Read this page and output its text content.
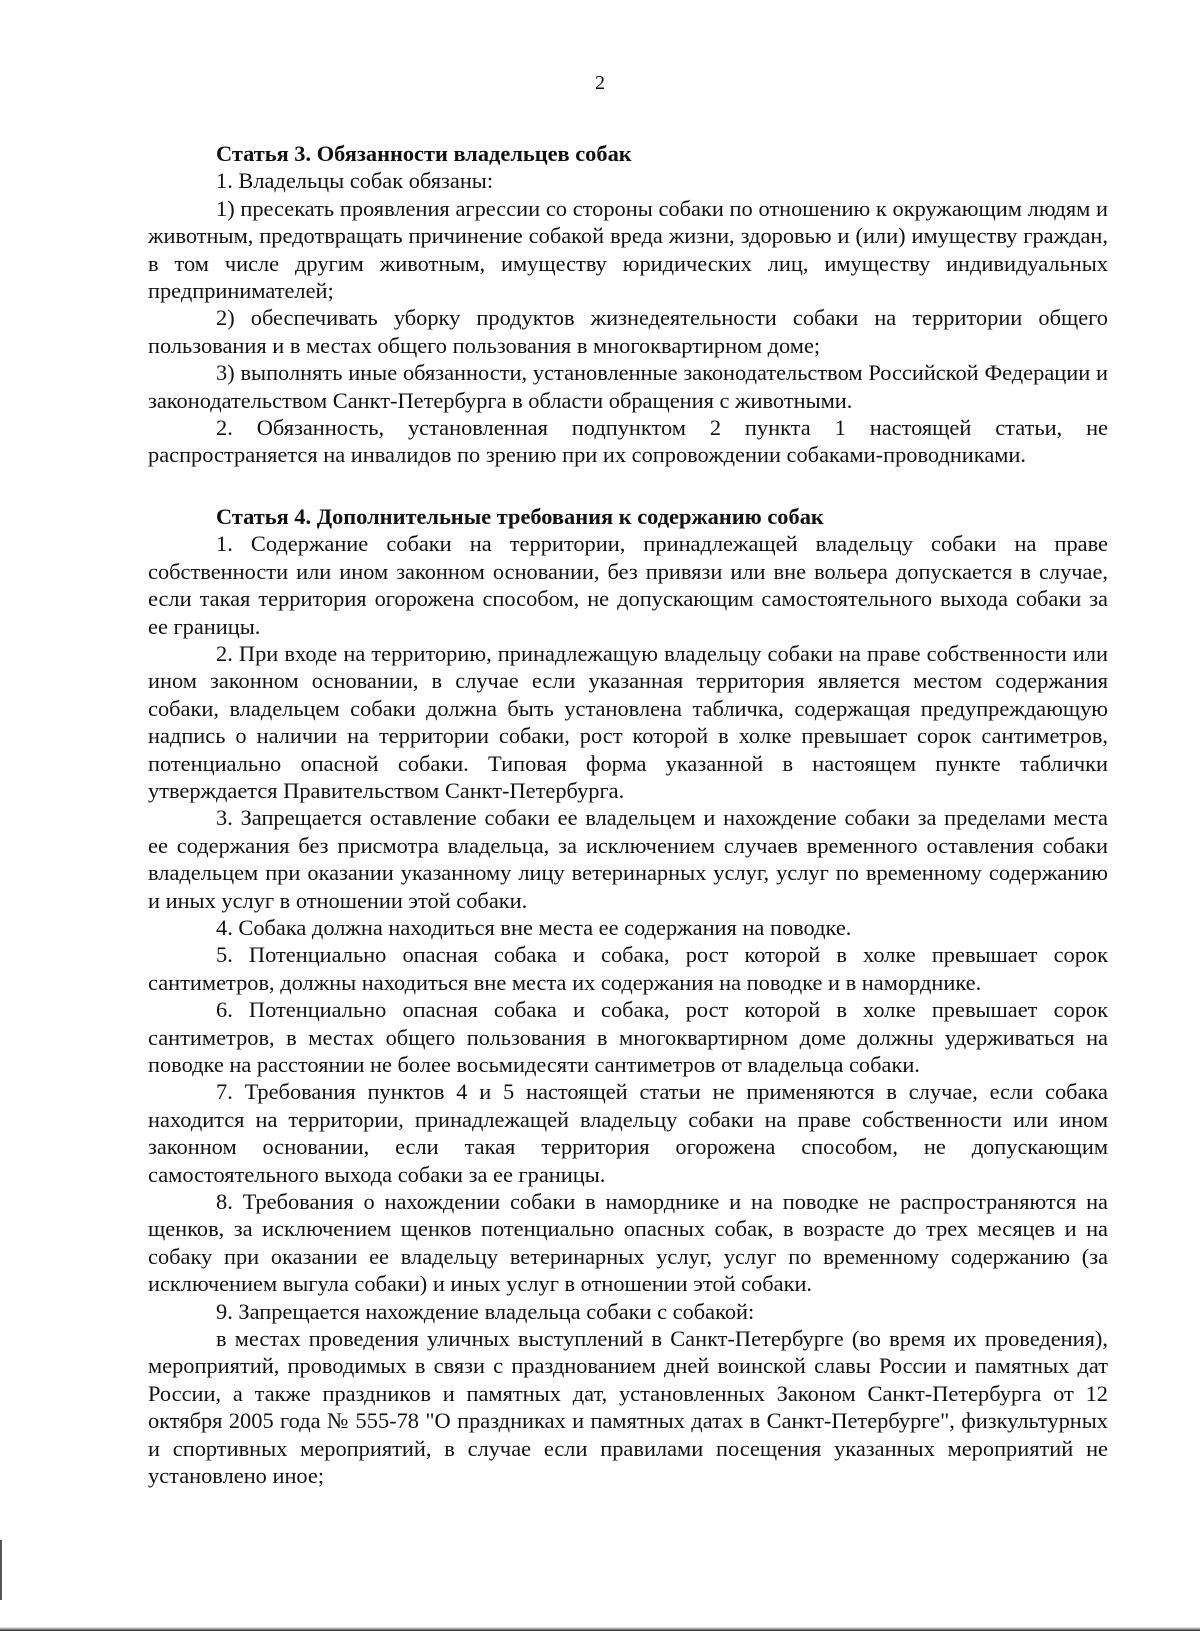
2
Статья 3. Обязанности владельцев собак

1. Владельцы собак обязаны:

1) пресекать проявления агрессии со стороны собаки по отношению к окружающим людям и животным, предотвращать причинение собакой вреда жизни, здоровью и (или) имуществу граждан, в том числе другим животным, имуществу юридических лиц, имуществу индивидуальных предпринимателей;

2) обеспечивать уборку продуктов жизнедеятельности собаки на территории общего пользования и в местах общего пользования в многоквартирном доме;

3) выполнять иные обязанности, установленные законодательством Российской Федерации и законодательством Санкт-Петербурга в области обращения с животными.

2. Обязанность, установленная подпунктом 2 пункта 1 настоящей статьи, не распространяется на инвалидов по зрению при их сопровождении собаками-проводниками.

Статья 4. Дополнительные требования к содержанию собак

1. Содержание собаки на территории, принадлежащей владельцу собаки на праве собственности или ином законном основании, без привязи или вне вольера допускается в случае, если такая территория огорожена способом, не допускающим самостоятельного выхода собаки за ее границы.

2. При входе на территорию, принадлежащую владельцу собаки на праве собственности или ином законном основании, в случае если указанная территория является местом содержания собаки, владельцем собаки должна быть установлена табличка, содержащая предупреждающую надпись о наличии на территории собаки, рост которой в холке превышает сорок сантиметров, потенциально опасной собаки. Типовая форма указанной в настоящем пункте таблички утверждается Правительством Санкт-Петербурга.

3. Запрещается оставление собаки ее владельцем и нахождение собаки за пределами места ее содержания без присмотра владельца, за исключением случаев временного оставления собаки владельцем при оказании указанному лицу ветеринарных услуг, услуг по временному содержанию и иных услуг в отношении этой собаки.

4. Собака должна находиться вне места ее содержания на поводке.

5. Потенциально опасная собака и собака, рост которой в холке превышает сорок сантиметров, должны находиться вне места их содержания на поводке и в наморднике.

6. Потенциально опасная собака и собака, рост которой в холке превышает сорок сантиметров, в местах общего пользования в многоквартирном доме должны удерживаться на поводке на расстоянии не более восьмидесяти сантиметров от владельца собаки.

7. Требования пунктов 4 и 5 настоящей статьи не применяются в случае, если собака находится на территории, принадлежащей владельцу собаки на праве собственности или ином законном основании, если такая территория огорожена способом, не допускающим самостоятельного выхода собаки за ее границы.

8. Требования о нахождении собаки в наморднике и на поводке не распространяются на щенков, за исключением щенков потенциально опасных собак, в возрасте до трех месяцев и на собаку при оказании ее владельцу ветеринарных услуг, услуг по временному содержанию (за исключением выгула собаки) и иных услуг в отношении этой собаки.

9. Запрещается нахождение владельца собаки с собакой:

в местах проведения уличных выступлений в Санкт-Петербурге (во время их проведения), мероприятий, проводимых в связи с празднованием дней воинской славы России и памятных дат России, а также праздников и памятных дат, установленных Законом Санкт-Петербурга от 12 октября 2005 года № 555-78 "О праздниках и памятных датах в Санкт-Петербурге", физкультурных и спортивных мероприятий, в случае если правилами посещения указанных мероприятий не установлено иное;
